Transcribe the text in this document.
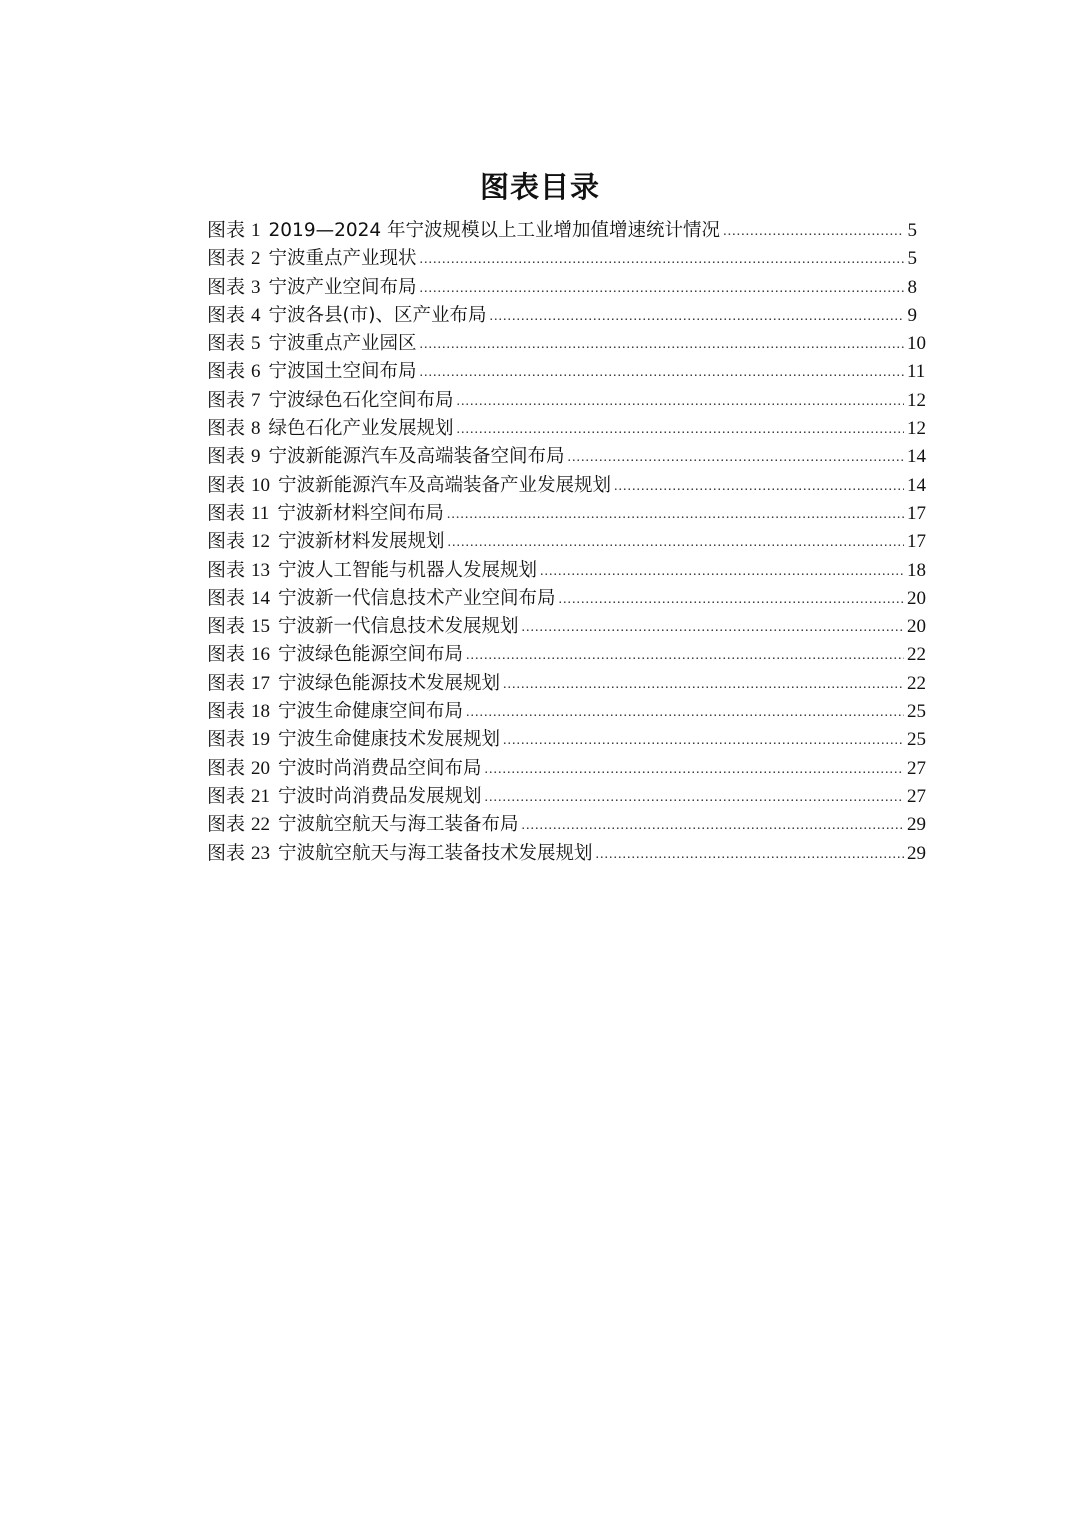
图表目录
图表 1 2019—2024 年宁波规模以上工业增加值增速统计情况 .....	5
图表 2 宁波重点产业现状 .....	5
图表 3 宁波产业空间布局 .....	8
图表 4 宁波各县(市)、区产业布局 .....	9
图表 5 宁波重点产业园区 .....	10
图表 6 宁波国土空间布局 .....	11
图表 7 宁波绿色石化空间布局 .....	12
图表 8 绿色石化产业发展规划 .....	12
图表 9 宁波新能源汽车及高端装备空间布局 .....	14
图表 10 宁波新能源汽车及高端装备产业发展规划 .....	14
图表 11 宁波新材料空间布局 .....	17
图表 12 宁波新材料发展规划 .....	17
图表 13 宁波人工智能与机器人发展规划 .....	18
图表 14 宁波新一代信息技术产业空间布局 .....	20
图表 15 宁波新一代信息技术发展规划 .....	20
图表 16 宁波绿色能源空间布局 .....	22
图表 17 宁波绿色能源技术发展规划 .....	22
图表 18 宁波生命健康空间布局 .....	25
图表 19 宁波生命健康技术发展规划 .....	25
图表 20 宁波时尚消费品空间布局 .....	27
图表 21 宁波时尚消费品发展规划 .....	27
图表 22 宁波航空航天与海工装备布局 .....	29
图表 23 宁波航空航天与海工装备技术发展规划 .....	29
